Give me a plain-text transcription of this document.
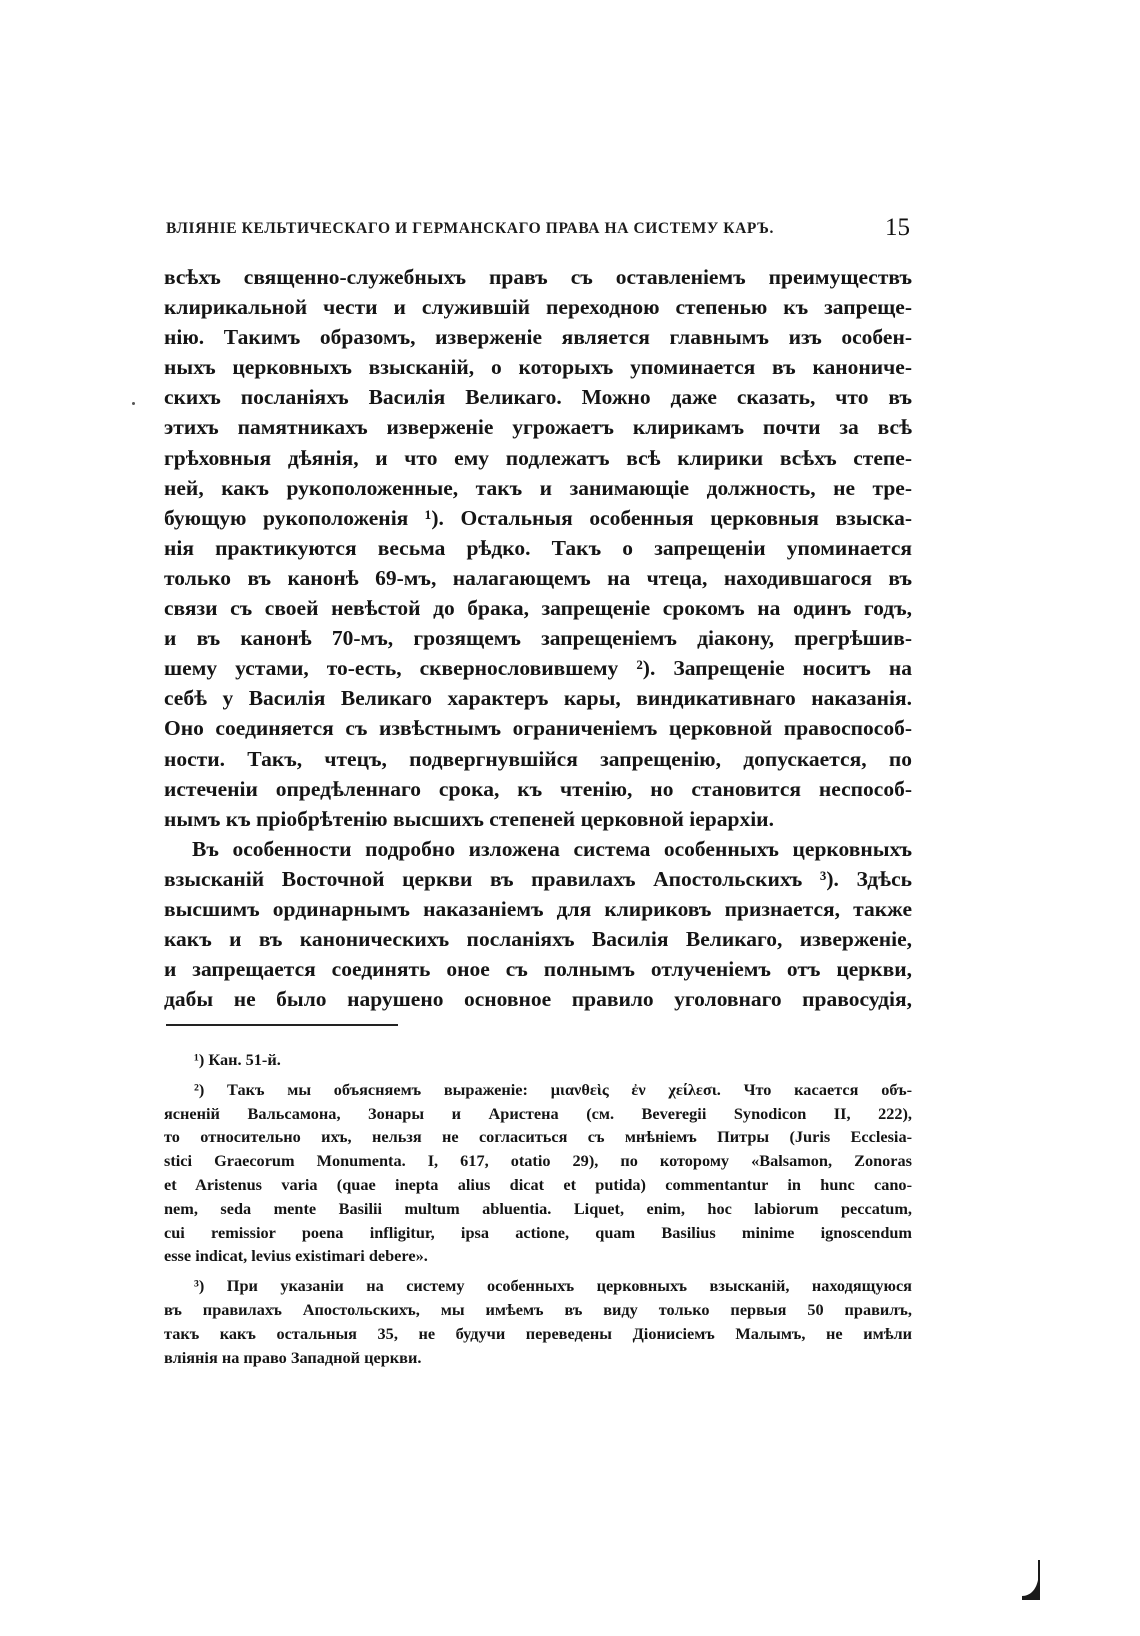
ВЛІЯНІЕ КЕЛЬТИЧЕСКАГО И ГЕРМАНСКАГО ПРАВА НА СИСТЕМУ КАРЪ.	15
всѣхъ священно-служебныхъ правъ съ оставленіемъ преимуществъ
клирикальной чести и служившій переходною степенью къ запреще-
нію. Такимъ образомъ, изверженіе является главнымъ изъ особен-
ныхъ церковныхъ взысканій, о которыхъ упоминается въ канониче-
скихъ посланіяхъ Василія Великаго. Можно даже сказать, что въ
этихъ памятникахъ изверженіе угрожаетъ клирикамъ почти за всѣ
грѣховныя дѣянія, и что ему подлежатъ всѣ клирики всѣхъ степе-
ней, какъ рукоположенные, такъ и занимающіе должность, не тре-
бующую рукоположенія ¹). Остальныя особенныя церковныя взыска-
нія практикуются весьма рѣдко. Такъ о запрещеніи упоминается
только въ канонѣ 69-мъ, налагающемъ на чтеца, находившагося въ
связи съ своей невѣстой до брака, запрещеніе срокомъ на одинъ годъ,
и въ канонѣ 70-мъ, грозящемъ запрещеніемъ діакону, прегрѣшив-
шему устами, то-есть, сквернословившему ²). Запрещеніе носитъ на
себѣ у Василія Великаго характеръ кары, виндикативнаго наказанія.
Оно соединяется съ извѣстнымъ ограниченіемъ церковной правоспособ-
ности. Такъ, чтецъ, подвергнувшійся запрещенію, допускается, по
истеченіи опредѣленнаго срока, къ чтенію, но становится неспособ-
нымъ къ пріобрѣтенію высшихъ степеней церковной іерархіи.
Въ особенности подробно изложена система особенныхъ церковныхъ
взысканій Восточной церкви въ правилахъ Апостольскихъ ³). Здѣсь
высшимъ ординарнымъ наказаніемъ для клириковъ признается, также
какъ и въ каноническихъ посланіяхъ Василія Великаго, изверженіе,
и запрещается соединять оное съ полнымъ отлученіемъ отъ церкви,
дабы не было нарушено основное правило уголовнаго правосудія,
¹) Кан. 51-й.
²) Такъ мы объясняемъ выраженіе: μιανθεὶς ἐν χείλεσι. Что касается объ-
ясненій Вальсамона, Зонары и Аристена (см. Beveregii Synodicon II, 222),
то относительно ихъ, нельзя не согласиться съ мнѣніемъ Питры (Juris Ecclesia-
stici Graecorum Monumenta. I, 617, otatio 29), по которому «Balsamon, Zonoras
et Aristenus varia (quae inepta alius dicat et putida) commentantur in hunc cano-
nem, seda mente Basilii multum abluentia. Liquet, enim, hoc labiorum peccatum,
cui remissior poena infligitur, ipsa actione, quam Basilius minime ignoscendum
esse indicat, levius existimari debere».
³) При указаніи на систему особенныхъ церковныхъ взысканій, находящуюся
въ правилахъ Апостольскихъ, мы имѣемъ въ виду только первыя 50 правилъ,
такъ какъ остальныя 35, не будучи переведены Діонисіемъ Малымъ, не имѣли
вліянія на право Западной церкви.
